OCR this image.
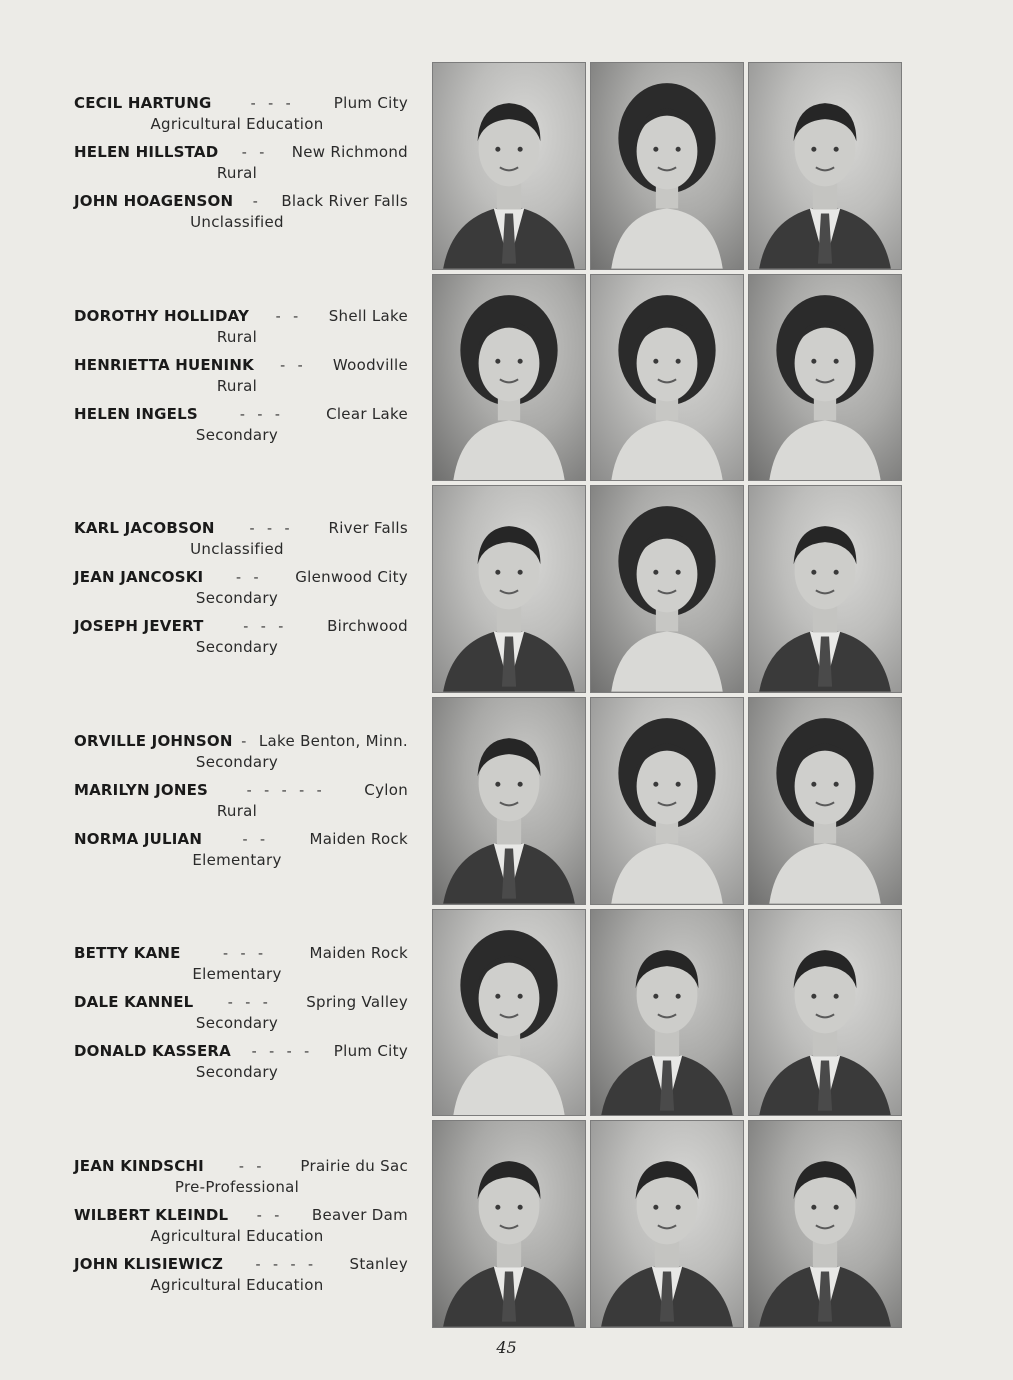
CECIL HARTUNG	- - -	Plum City
Agricultural Education
HELEN HILLSTAD	- -	New Richmond
Rural
JOHN HOAGENSON	-	Black River Falls
Unclassified
DOROTHY HOLLIDAY	- -	Shell Lake
Rural
HENRIETTA HUENINK	- -	Woodville
Rural
HELEN INGELS	- - -	Clear Lake
Secondary
KARL JACOBSON	- - -	River Falls
Unclassified
JEAN JANCOSKI	- -	Glenwood City
Secondary
JOSEPH JEVERT	- - -	Birchwood
Secondary
ORVILLE JOHNSON - Lake Benton, Minn.
Secondary
MARILYN JONES	- - - - -	Cylon
Rural
NORMA JULIAN	- -	Maiden Rock
Elementary
BETTY KANE	- - -	Maiden Rock
Elementary
DALE KANNEL	- - -	Spring Valley
Secondary
DONALD KASSERA	- - - -	Plum City
Secondary
JEAN KINDSCHI	- -	Prairie du Sac
Pre-Professional
WILBERT KLEINDL	- -	Beaver Dam
Agricultural Education
JOHN KLISIEWICZ	- - - -	Stanley
Agricultural Education
45
